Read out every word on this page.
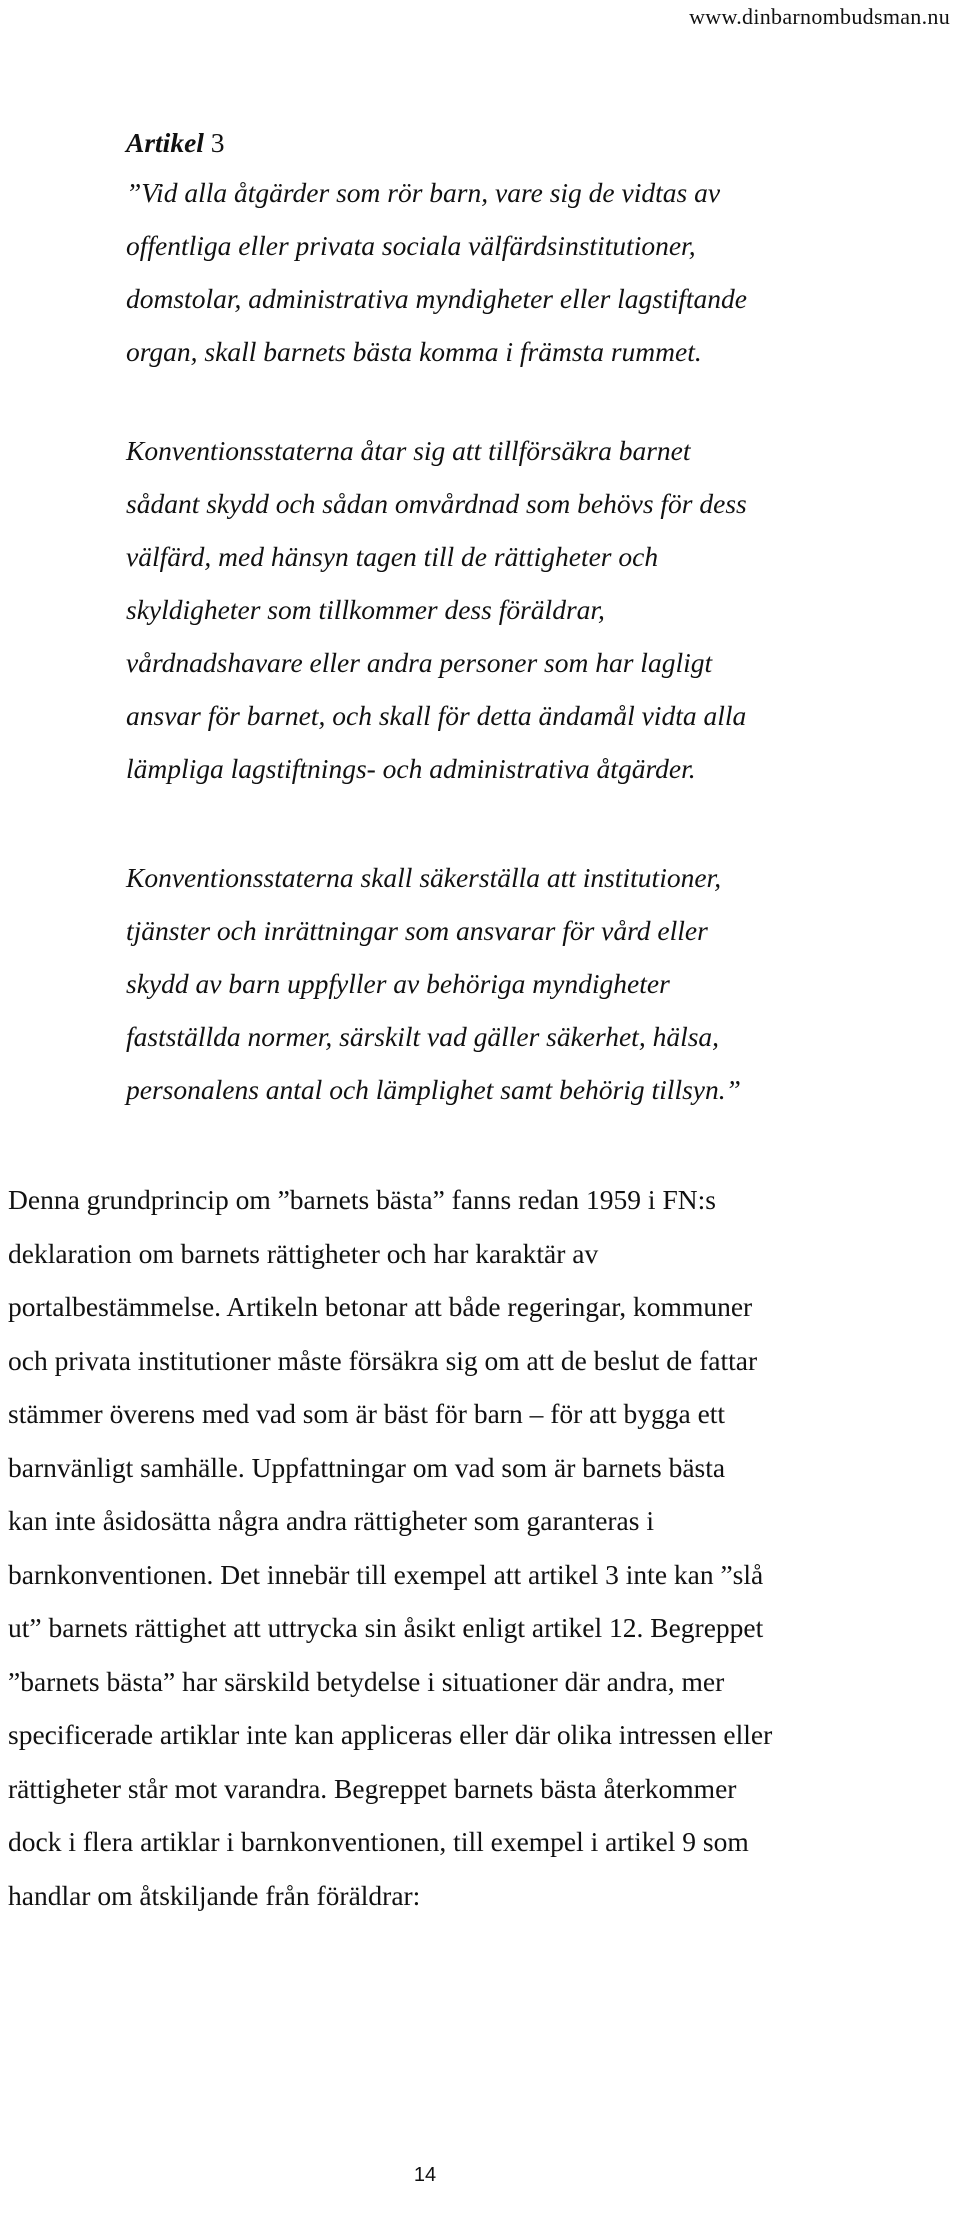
www.dinbarnombudsman.nu
Artikel 3

”Vid alla åtgärder som rör barn, vare sig de vidtas av

offentliga eller privata sociala välfärdsinstitutioner,

domstolar, administrativa myndigheter eller lagstiftande

organ, skall barnets bästa komma i främsta rummet.

Konventionsstaterna åtar sig att tillförsäkra barnet

sådant skydd och sådan omvårdnad som behövs för dess

välfärd, med hänsyn tagen till de rättigheter och

skyldigheter som tillkommer dess föräldrar,

vårdnadshavare eller andra personer som har lagligt

ansvar för barnet, och skall för detta ändamål vidta alla

lämpliga lagstiftnings- och administrativa åtgärder.

Konventionsstaterna skall säkerställa att institutioner,

tjänster och inrättningar som ansvarar för vård eller

skydd av barn uppfyller av behöriga myndigheter

fastställda normer, särskilt vad gäller säkerhet, hälsa,

personalens antal och lämplighet samt behörig tillsyn.”

Denna grundprincip om ”barnets bästa” fanns redan 1959 i FN:s

deklaration om barnets rättigheter och har karaktär av

portalbestämmelse. Artikeln betonar att både regeringar, kommuner

och privata institutioner måste försäkra sig om att de beslut de fattar

stämmer överens med vad som är bäst för barn – för att bygga ett

barnvänligt samhälle. Uppfattningar om vad som är barnets bästa

kan inte åsidosätta några andra rättigheter som garanteras i

barnkonventionen. Det innebär till exempel att artikel 3 inte kan ”slå

ut” barnets rättighet att uttrycka sin åsikt enligt artikel 12. Begreppet

”barnets bästa” har särskild betydelse i situationer där andra, mer

specificerade artiklar inte kan appliceras eller där olika intressen eller

rättigheter står mot varandra. Begreppet barnets bästa återkommer

dock i flera artiklar i barnkonventionen, till exempel i artikel 9 som

handlar om åtskiljande från föräldrar:

14
